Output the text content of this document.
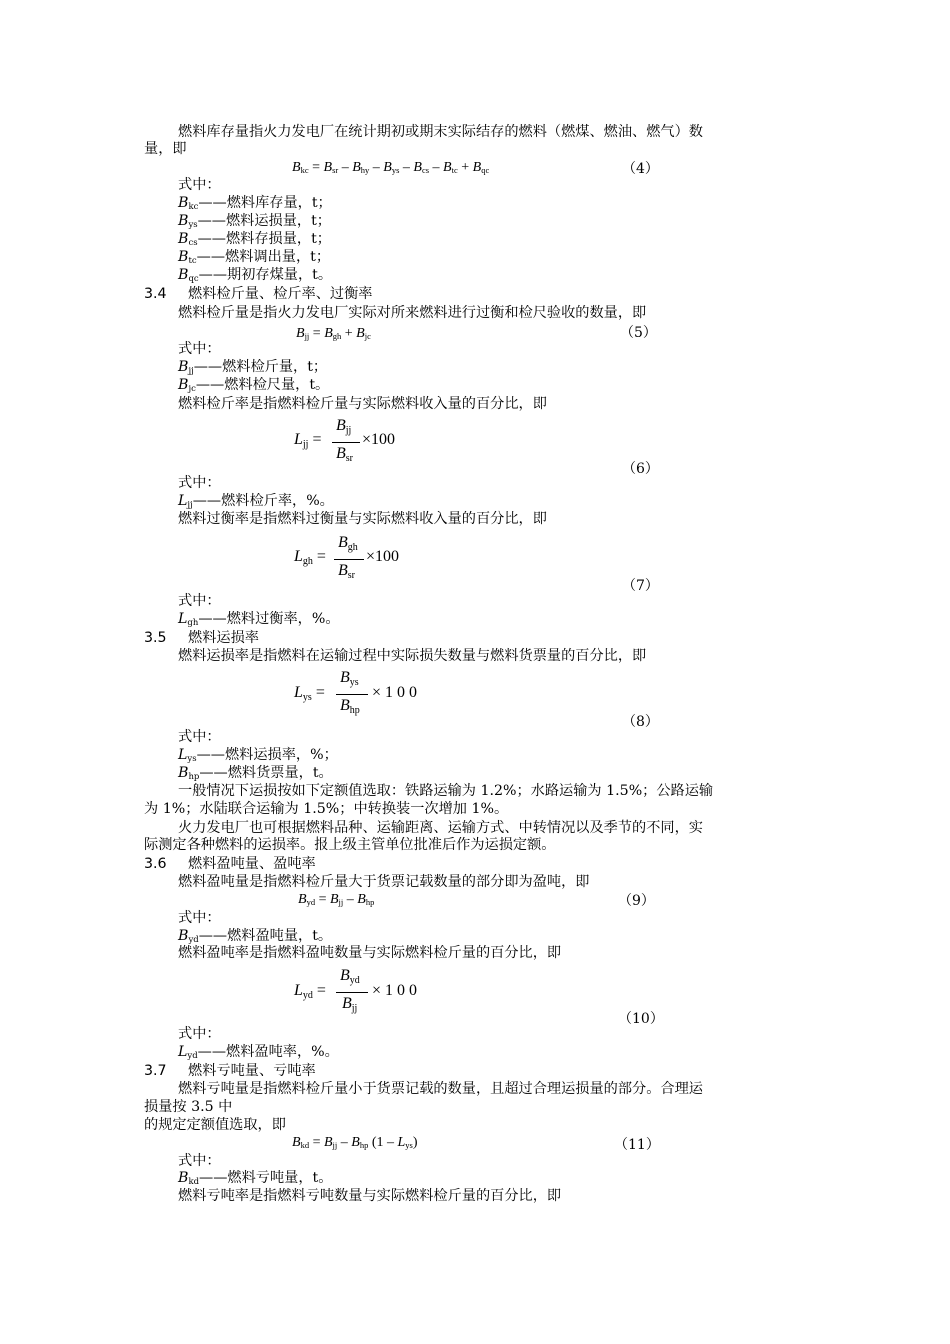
燃料库存量指火力发电厂在统计期初或期末实际结存的燃料（燃煤、燃油、燃气）数
量，即
$B_{kc} = B_{sr} - B_{hy} - B_{ys} - B_{cs} - B_{tc} + B_{qc}$	（4）
式中：
$B_{kc}——$燃料库存量，t；
$B_{ys}——$燃料运损量，t；
$B_{cs}——$燃料存损量，t；
$B_{tc}——$燃料调出量，t；
$B_{qc}——$期初存煤量，t。
3.4 燃料检斤量、检斤率、过衡率
燃料检斤量是指火力发电厂实际对所来燃料进行过衡和检尺验收的数量，即
$B_{jj} = B_{gh} + B_{jc}$	（5）
式中：
$B_{jj}——$燃料检斤量，t；
$B_{jc}——$燃料检尺量，t。
燃料检斤率是指燃料检斤量与实际燃料收入量的百分比，即
$L_{jj}$ =
$B_{jj}$
$B_{sr}$
×100
（6）
式中：
$L_{jj}——$燃料检斤率，%。
燃料过衡率是指燃料过衡量与实际燃料收入量的百分比，即
$L_{gh}$ =
$B_{gh}$
$B_{sr}$
×100
（7）
式中：
$L_{gh}——$燃料过衡率，%。
3.5 燃料运损率
燃料运损率是指燃料在运输过程中实际损失数量与燃料货票量的百分比，即
$L_{ys}$ =
$B_{ys}$
$B_{hp}$
× 1 0 0
（8）
式中：
$L_{ys}——$燃料运损率，%；
$B_{hp}——$燃料货票量，t。
一般情况下运损按如下定额值选取：铁路运输为 1.2%；水路运输为 1.5%；公路运输
为 1%；水陆联合运输为 1.5%；中转换装一次增加 1%。
火力发电厂也可根据燃料品种、运输距离、运输方式、中转情况以及季节的不同，实
际测定各种燃料的运损率。报上级主管单位批准后作为运损定额。
3.6 燃料盈吨量、盈吨率
燃料盈吨量是指燃料检斤量大于货票记载数量的部分即为盈吨，即
$B_{yd} = B_{jj} - B_{hp}$	（9）
式中：
$B_{yd}——$燃料盈吨量，t。
燃料盈吨率是指燃料盈吨数量与实际燃料检斤量的百分比，即
$L_{yd}$ =
$B_{yd}$
$B_{jj}$
× 1 0 0
（10）
式中：
$L_{yd}——$燃料盈吨率，%。
3.7 燃料亏吨量、亏吨率
燃料亏吨量是指燃料检斤量小于货票记载的数量，且超过合理运损量的部分。合理运
损量按 3.5 中
的规定定额值选取，即
$B_{kd} = B_{jj} - B_{hp}$ $(1 - L_{ys})$	（11）
式中：
$B_{kd}——$燃料亏吨量，t。
燃料亏吨率是指燃料亏吨数量与实际燃料检斤量的百分比，即
